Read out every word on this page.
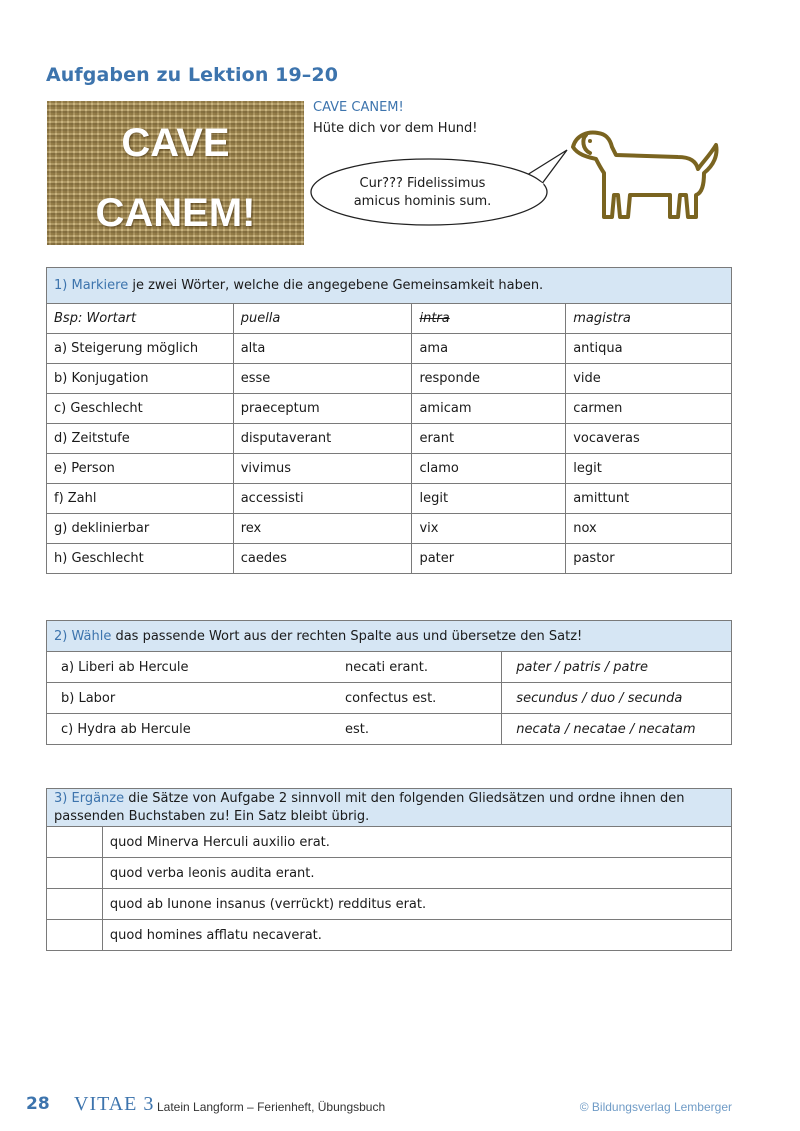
Aufgaben zu Lektion 19–20
CAVE
CANEM!
CAVE CANEM!
Hüte dich vor dem Hund!
Cur??? Fidelissimus
amicus hominis sum.
1) Markiere je zwei Wörter, welche die angegebene Gemeinsamkeit haben.			
Bsp: Wortart	puella	intra	magistra
a) Steigerung möglich	alta	ama	antiqua
b) Konjugation	esse	responde	vide
c) Geschlecht	praeceptum	amicam	carmen
d) Zeitstufe	disputaverant	erant	vocaveras
e) Person	vivimus	clamo	legit
f) Zahl	accessisti	legit	amittunt
g) deklinierbar	rex	vix	nox
h) Geschlecht	caedes	pater	pastor
2) Wähle das passende Wort aus der rechten Spalte aus und übersetze den Satz!		
a) Liberi ab Hercule	necati erant.	pater / patris / patre
b) Labor	confectus est.	secundus / duo / secunda
c) Hydra ab Hercule	est.	necata / necatae / necatam
3) Ergänze die Sätze von Aufgabe 2 sinnvoll mit den folgenden Gliedsätzen und ordne ihnen den
passenden Buchstaben zu! Ein Satz bleibt übrig.	
	quod Minerva Herculi auxilio erat.
	quod verba leonis audita erant.
	quod ab Iunone insanus (verrückt) redditus erat.
	quod homines afflatu necaverat.
28 VITAE 3 Latein Langform – Ferienheft, Übungsbuch	© Bildungsverlag Lemberger
